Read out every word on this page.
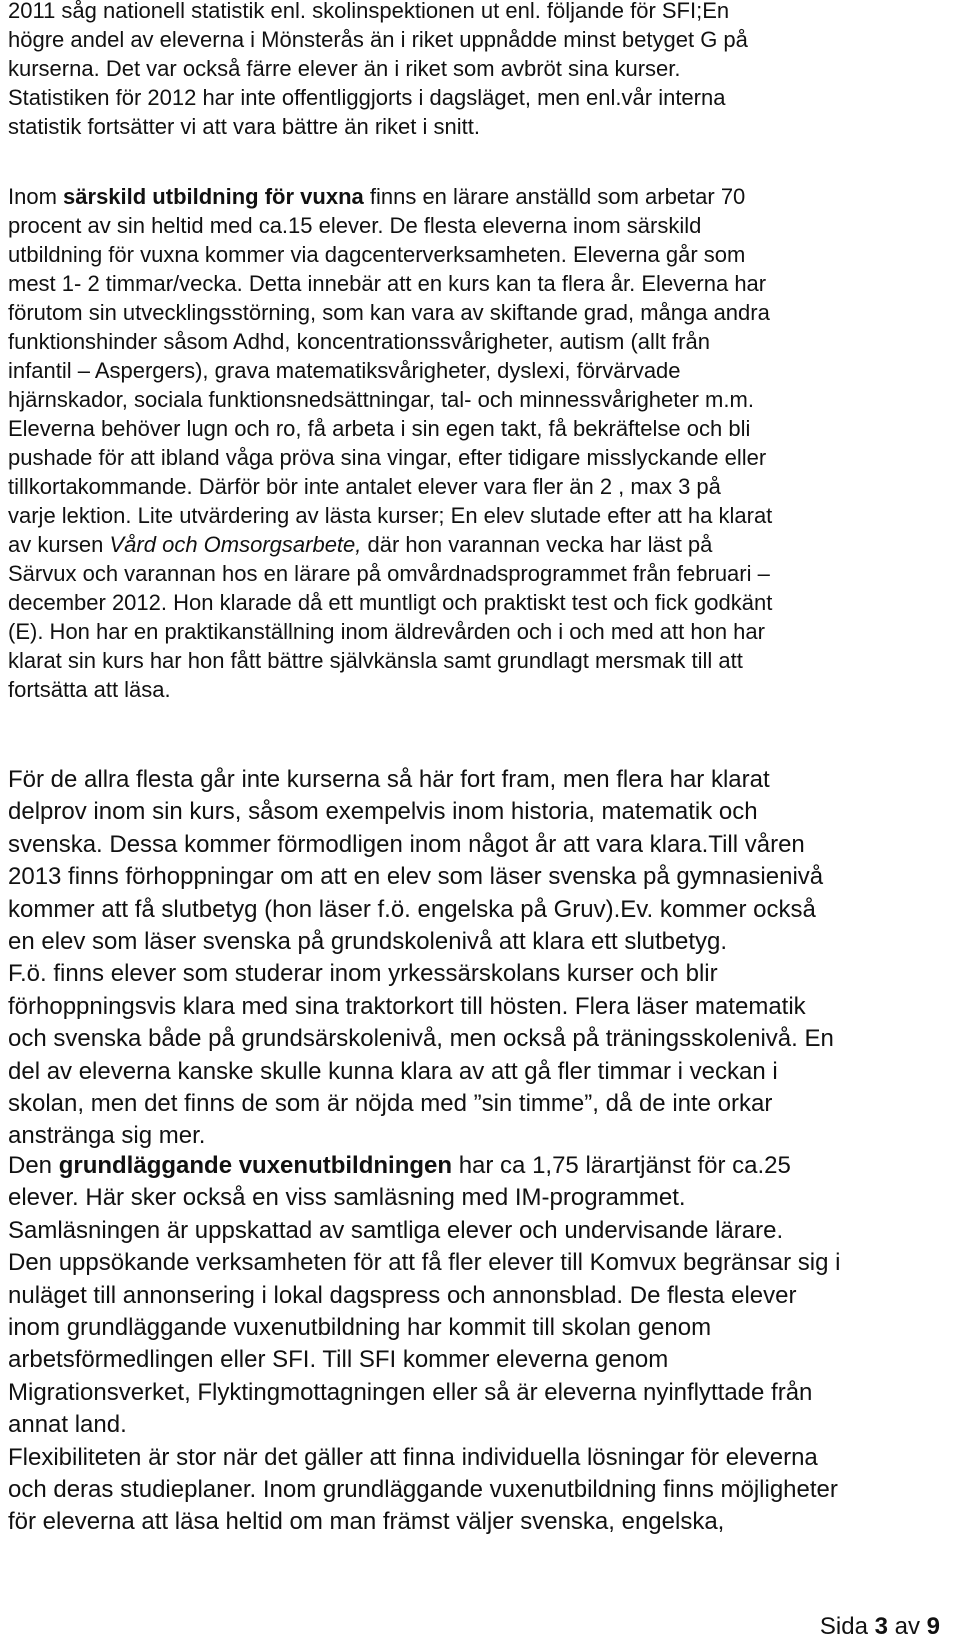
2011 såg nationell statistik enl. skolinspektionen ut enl. följande för SFI;En
högre andel av eleverna i Mönsterås än i riket uppnådde minst betyget G på
kurserna. Det var också färre elever än i riket som avbröt sina kurser.
Statistiken för 2012 har inte offentliggjorts i dagsläget, men enl.vår interna
statistik fortsätter vi att vara bättre än riket i snitt.
Inom särskild utbildning för vuxna finns en lärare anställd som arbetar 70
procent av sin heltid med ca.15 elever. De flesta eleverna inom särskild
utbildning för vuxna kommer via dagcenterverksamheten. Eleverna går som
mest 1- 2 timmar/vecka. Detta innebär att en kurs kan ta flera år. Eleverna har
förutom sin utvecklingsstörning, som kan vara av skiftande grad, många andra
funktionshinder såsom Adhd, koncentrationssvårigheter, autism (allt från
infantil – Aspergers), grava matematiksvårigheter, dyslexi, förvärvade
hjärnskador, sociala funktionsnedsättningar, tal- och minnessvårigheter m.m.
Eleverna behöver lugn och ro, få arbeta i sin egen takt, få bekräftelse och bli
pushade för att ibland våga pröva sina vingar, efter tidigare misslyckande eller
tillkortakommande. Därför bör inte antalet elever vara fler än 2 , max 3 på
varje lektion. Lite utvärdering av lästa kurser; En elev slutade efter att ha klarat
av kursen Vård och Omsorgsarbete, där hon varannan vecka har läst på
Särvux och varannan hos en lärare på omvårdnadsprogrammet från februari –
december 2012. Hon klarade då ett muntligt och praktiskt test och fick godkänt
(E). Hon har en praktikanställning inom äldrevården och i och med att hon har
klarat sin kurs har hon fått bättre självkänsla samt grundlagt mersmak till att
fortsätta att läsa.
För de allra flesta går inte kurserna så här fort fram, men flera har klarat
delprov inom sin kurs, såsom exempelvis inom historia, matematik och
svenska. Dessa kommer förmodligen inom något år att vara klara.Till våren
2013 finns förhoppningar om att en elev som läser svenska på gymnasienivå
kommer att få slutbetyg (hon läser f.ö. engelska på Gruv).Ev. kommer också
en elev som läser svenska på grundskolenivå att klara ett slutbetyg.
F.ö. finns elever som studerar inom yrkessärskolans kurser och blir
förhoppningsvis klara med sina traktorkort till hösten. Flera läser matematik
och svenska både på grundsärskolenivå, men också på träningsskolenivå. En
del av eleverna kanske skulle kunna klara av att gå fler timmar i veckan i
skolan, men det finns de som är nöjda med ”sin timme”, då de inte orkar
anstränga sig mer.
Den grundläggande vuxenutbildningen har ca 1,75 lärartjänst för ca.25
elever. Här sker också en viss samläsning med IM-programmet.
Samläsningen är uppskattad av samtliga elever och undervisande lärare.
Den uppsökande verksamheten för att få fler elever till Komvux begränsar sig i
nuläget till annonsering i lokal dagspress och annonsblad. De flesta elever
inom grundläggande vuxenutbildning har kommit till skolan genom
arbetsförmedlingen eller SFI. Till SFI kommer eleverna genom
Migrationsverket, Flyktingmottagningen eller så är eleverna nyinflyttade från
annat land.
Flexibiliteten är stor när det gäller att finna individuella lösningar för eleverna
och deras studieplaner. Inom grundläggande vuxenutbildning finns möjligheter
för eleverna att läsa heltid om man främst väljer svenska, engelska,
Sida 3 av 9
